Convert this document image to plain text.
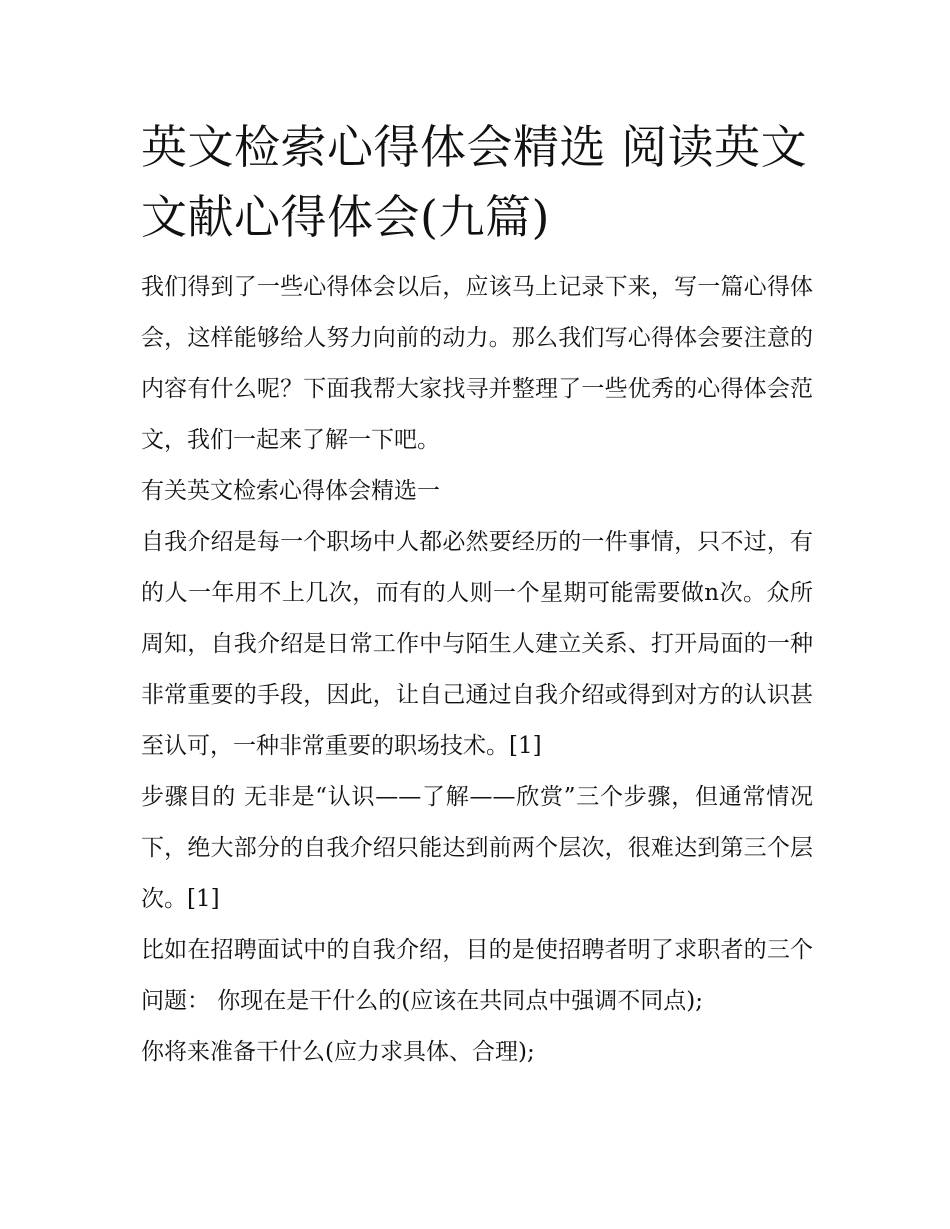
英文检索心得体会精选 阅读英文文献心得体会(九篇)

我们得到了一些心得体会以后，应该马上记录下来，写一篇心得体会，这样能够给人努力向前的动力。那么我们写心得体会要注意的内容有什么呢？下面我帮大家找寻并整理了一些优秀的心得体会范文，我们一起来了解一下吧。

有关英文检索心得体会精选一

自我介绍是每一个职场中人都必然要经历的一件事情，只不过，有的人一年用不上几次，而有的人则一个星期可能需要做n次。众所周知，自我介绍是日常工作中与陌生人建立关系、打开局面的一种非常重要的手段，因此，让自己通过自我介绍或得到对方的认识甚至认可，一种非常重要的职场技术。[1]

步骤目的 无非是“认识——了解——欣赏”三个步骤，但通常情况下，绝大部分的自我介绍只能达到前两个层次，很难达到第三个层次。[1]

比如在招聘面试中的自我介绍，目的是使招聘者明了求职者的三个问题： 你现在是干什么的(应该在共同点中强调不同点);

你将来准备干什么(应力求具体、合理);
